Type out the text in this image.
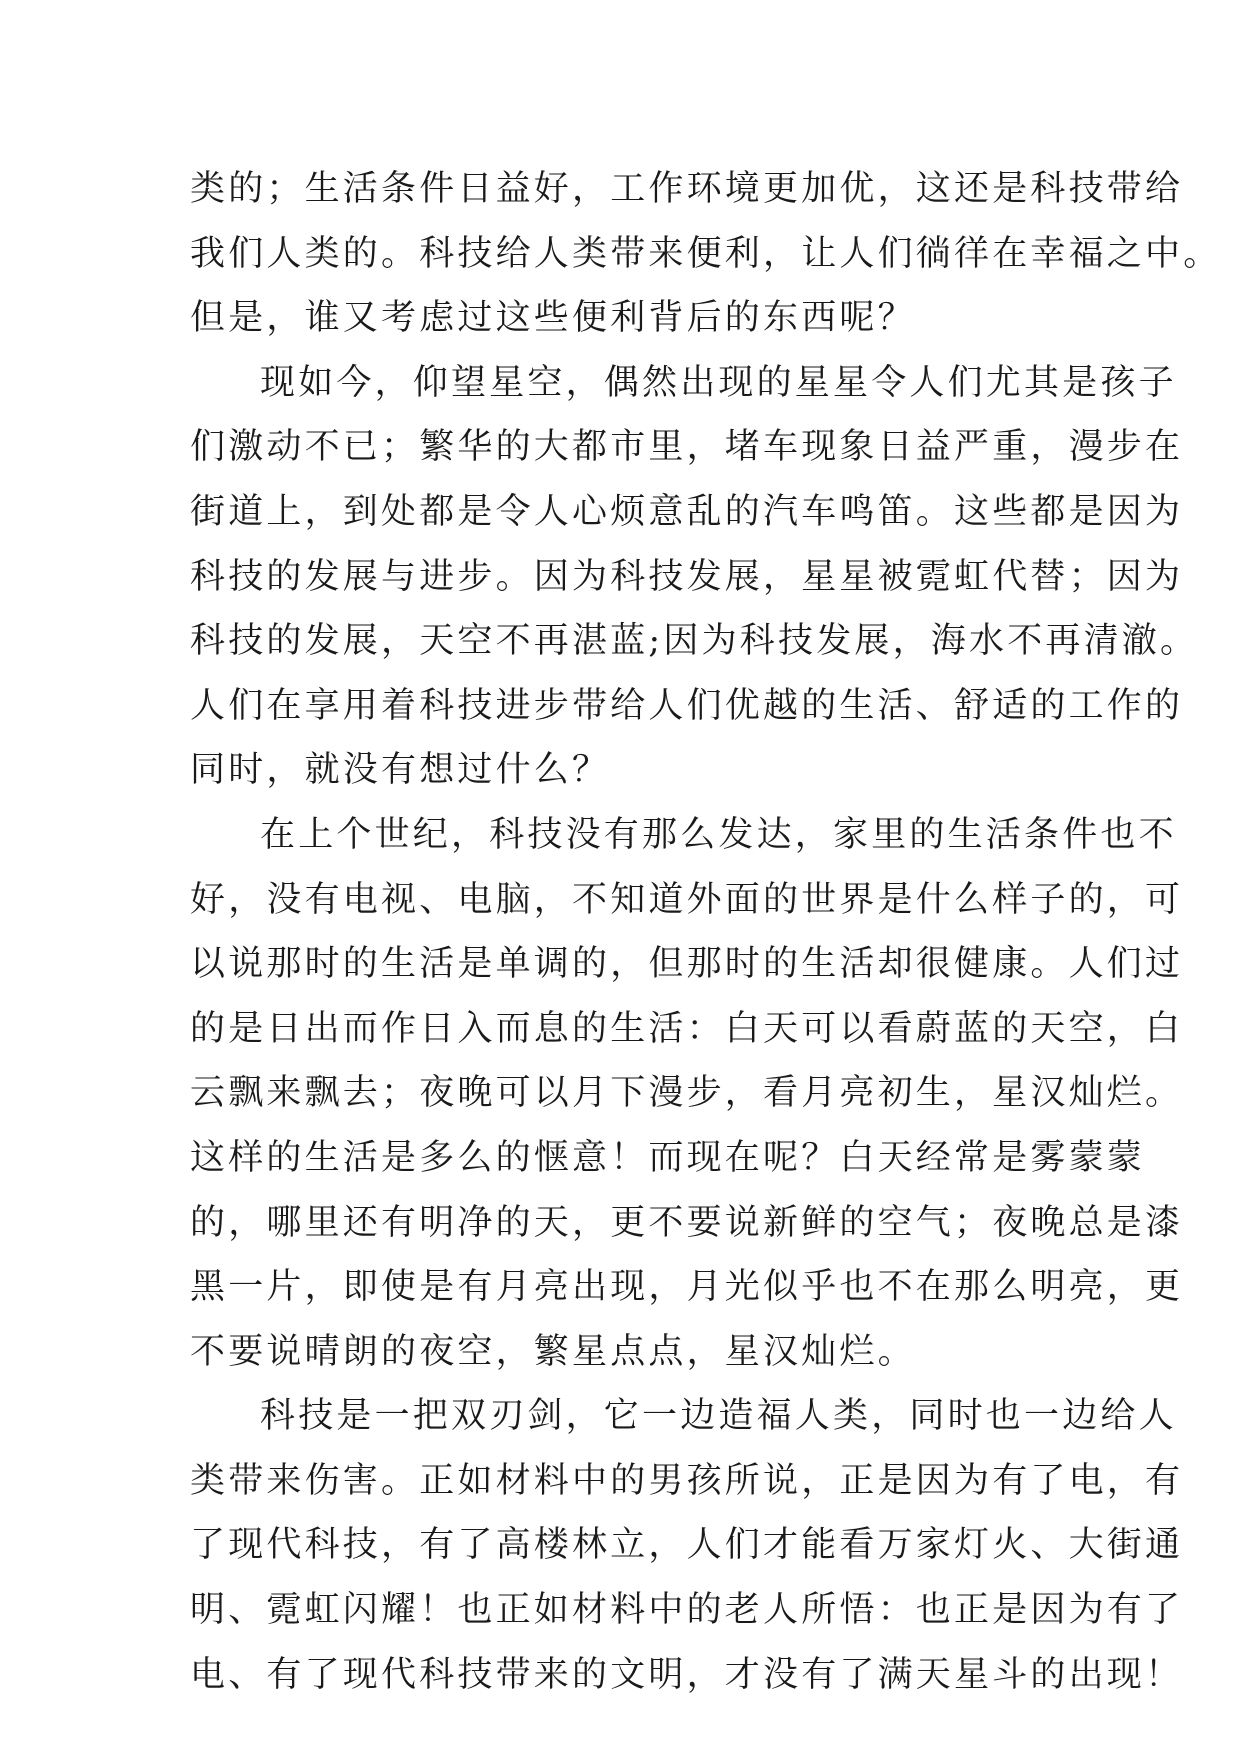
类的；生活条件日益好，工作环境更加优，这还是科技带给
我们人类的。科技给人类带来便利，让人们徜徉在幸福之中。
但是，谁又考虑过这些便利背后的东西呢？
现如今，仰望星空，偶然出现的星星令人们尤其是孩子
们激动不已；繁华的大都市里，堵车现象日益严重，漫步在
街道上，到处都是令人心烦意乱的汽车鸣笛。这些都是因为
科技的发展与进步。因为科技发展，星星被霓虹代替；因为
科技的发展，天空不再湛蓝;因为科技发展，海水不再清澈。
人们在享用着科技进步带给人们优越的生活、舒适的工作的
同时，就没有想过什么？
在上个世纪，科技没有那么发达，家里的生活条件也不
好，没有电视、电脑，不知道外面的世界是什么样子的，可
以说那时的生活是单调的，但那时的生活却很健康。人们过
的是日出而作日入而息的生活：白天可以看蔚蓝的天空，白
云飘来飘去；夜晚可以月下漫步，看月亮初生，星汉灿烂。
这样的生活是多么的惬意！而现在呢？白天经常是雾蒙蒙
的，哪里还有明净的天，更不要说新鲜的空气；夜晚总是漆
黑一片，即使是有月亮出现，月光似乎也不在那么明亮，更
不要说晴朗的夜空，繁星点点，星汉灿烂。
科技是一把双刃剑，它一边造福人类，同时也一边给人
类带来伤害。正如材料中的男孩所说，正是因为有了电，有
了现代科技，有了高楼林立，人们才能看万家灯火、大街通
明、霓虹闪耀！也正如材料中的老人所悟：也正是因为有了
电、有了现代科技带来的文明，才没有了满天星斗的出现！
